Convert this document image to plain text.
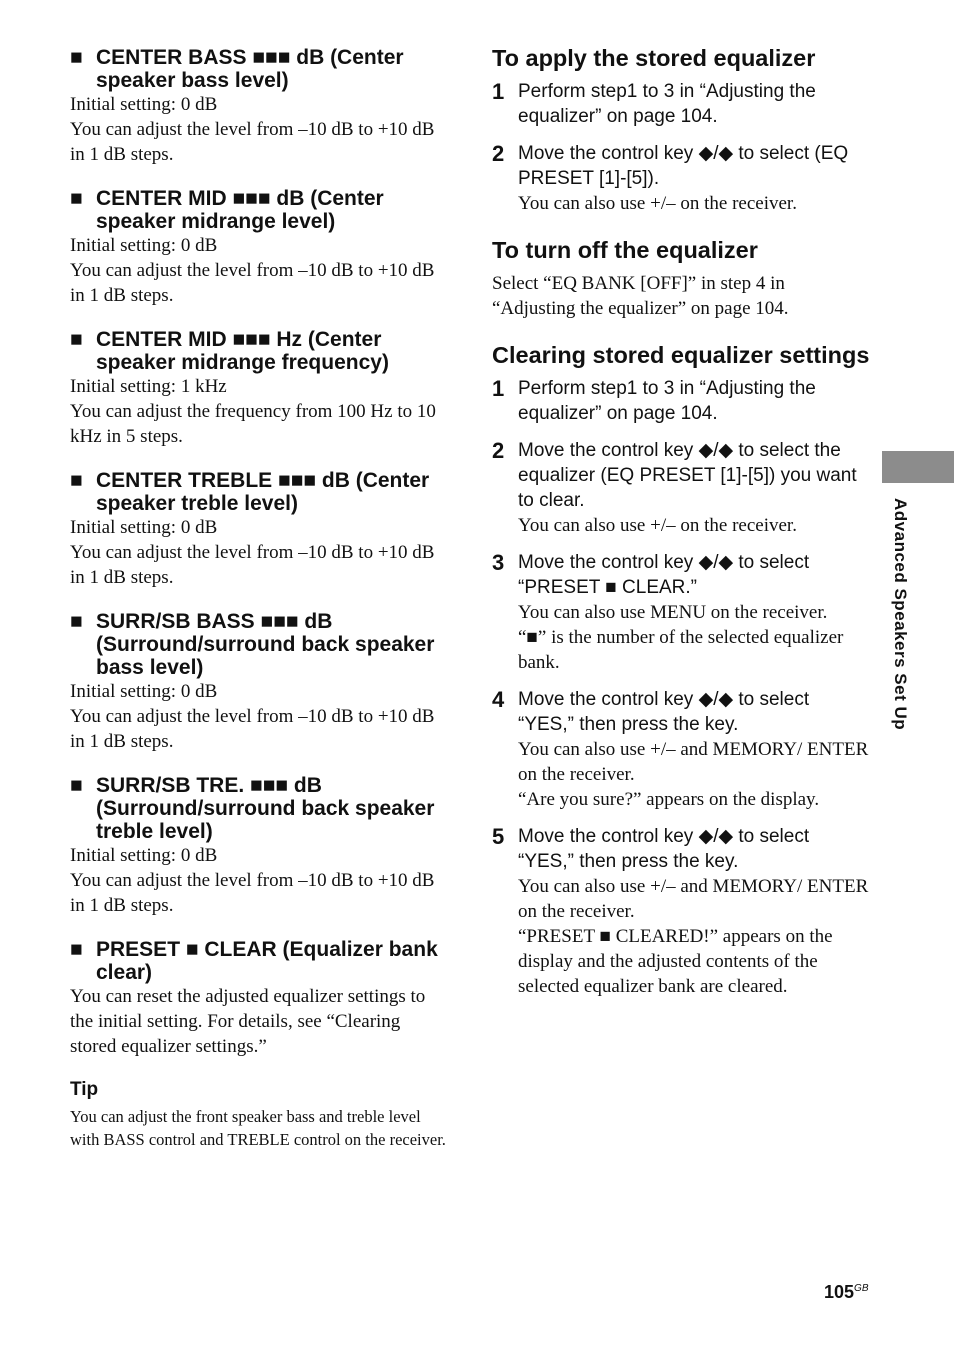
■ CENTER BASS ■■■ dB (Center speaker bass level)

Initial setting: 0 dB

You can adjust the level from –10 dB to +10 dB in 1 dB steps.

■ CENTER MID ■■■ dB (Center speaker midrange level)

Initial setting: 0 dB

You can adjust the level from –10 dB to +10 dB in 1 dB steps.

■ CENTER MID ■■■ Hz (Center speaker midrange frequency)

Initial setting: 1 kHz

You can adjust the frequency from 100 Hz to 10 kHz in 5 steps.

■ CENTER TREBLE ■■■ dB (Center speaker treble level)

Initial setting: 0 dB

You can adjust the level from –10 dB to +10 dB in 1 dB steps.

■ SURR/SB BASS ■■■ dB (Surround/surround back speaker bass level)

Initial setting: 0 dB

You can adjust the level from –10 dB to +10 dB in 1 dB steps.

■ SURR/SB TRE. ■■■ dB (Surround/surround back speaker treble level)

Initial setting: 0 dB

You can adjust the level from –10 dB to +10 dB in 1 dB steps.

■ PRESET ■ CLEAR (Equalizer bank clear)

You can reset the adjusted equalizer settings to the initial setting. For details, see “Clearing stored equalizer settings.”

Tip

You can adjust the front speaker bass and treble level with BASS control and TREBLE control on the receiver.

To apply the stored equalizer
1 Perform step1 to 3 in “Adjusting the equalizer” on page 104.

2 Move the control key ◆/◆ to select (EQ PRESET [1]-[5]).

You can also use +/– on the receiver.

To turn off the equalizer

Select “EQ BANK [OFF]” in step 4 in “Adjusting the equalizer” on page 104.

Clearing stored equalizer settings
1 Perform step1 to 3 in “Adjusting the equalizer” on page 104.

2 Move the control key ◆/◆ to select the equalizer (EQ PRESET [1]-[5]) you want to clear.

You can also use +/– on the receiver.

3 Move the control key ◆/◆ to select “PRESET ■ CLEAR.”

You can also use MENU on the receiver.

“■” is the number of the selected equalizer bank.

4 Move the control key ◆/◆ to select “YES,” then press the key.

You can also use +/– and MEMORY/ ENTER on the receiver.

“Are you sure?” appears on the display.

5 Move the control key ◆/◆ to select “YES,” then press the key.

You can also use +/– and MEMORY/ ENTER on the receiver.

“PRESET ■ CLEARED!” appears on the display and the adjusted contents of the selected equalizer bank are cleared.

Advanced Speakers Set Up
$105^{GB}$
